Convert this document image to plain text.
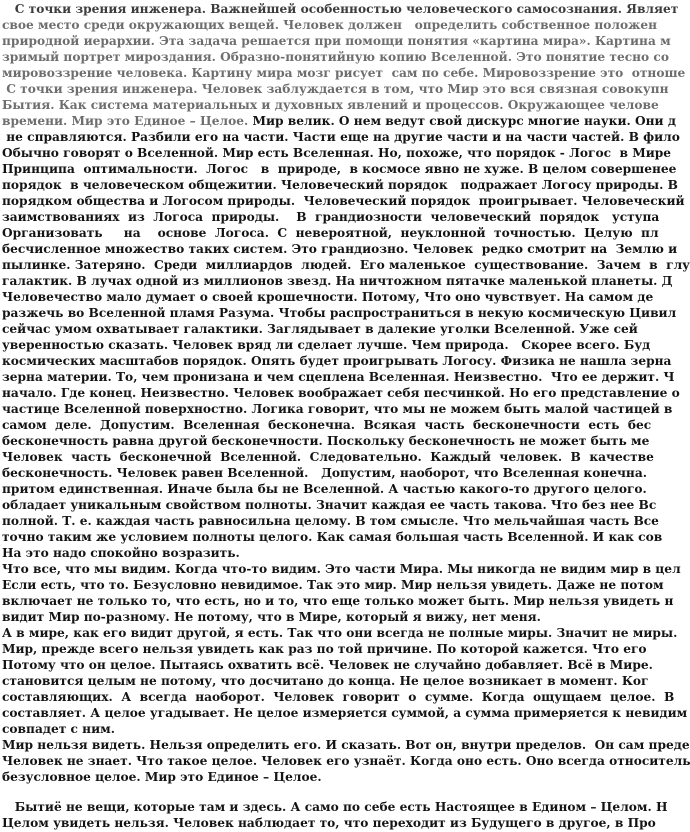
С точки зрения инженера. Важнейшей особенностью человеческого самосознания. Являет
свое место среди окружающих вещей. Человек должен   определить собственное положен
природной иерархии. Эта задача решается при помощи понятия «картина мира». Картина м
зримый портрет мироздания. Образно-понятийную копию Вселенной. Это понятие тесно со
мировоззрение человека. Картину мира мозг рисует  сам по себе. Мировоззрение это  отноше
С точки зрения инженера. Человек заблуждается в том, что Мир это вся связная совокупн
Бытия. Как система материальных и духовных явлений и процессов. Окружающее челове
времени. Мир это Единое – Целое. Мир велик. О нем ведут свой дискурс многие науки. Они д
не справляются. Разбили его на части. Части еще на другие части и на части частей. В фило
Обычно говорят о Вселенной. Мир есть Вселенная. Но, похоже, что порядок - Логос  в Мире
Принципа  оптимальности.  Логос   в  природе,  в космосе явно не хуже. В целом совершенее
порядок  в человеческом общежитии. Человеческий порядок   подражает Логосу природы. В
порядком общества и Логосом природы.  Человеческий порядок  проигрывает. Человеческий
заимствованиях  из  Логоса  природы.    В  грандиозности  человеческий  порядок   уступа
Организовать     на    основе  Логоса.  С  невероятной,  неуклонной  точностью.  Целую  пл
бесчисленное множество таких систем. Это грандиозно. Человек  редко смотрит на  Землю и
пылинке. Затеряно.  Среди  миллиардов  людей.  Его маленькое  существование.  Зачем  в  глу
галактик. В лучах одной из миллионов звезд. На ничтожном пятачке маленькой планеты. Д
Человечество мало думает о своей крошечности. Потому, Что оно чувствует. На самом де
разжечь во Вселенной пламя Разума. Чтобы распространиться в некую космическую Цивил
сейчас умом охватывает галактики. Заглядывает в далекие уголки Вселенной. Уже сей
уверенностью сказать. Человек вряд ли сделает лучше. Чем природа.   Скорее всего. Буд
космических масштабов порядок. Опять будет проигрывать Логосу. Физика не нашла зерна
зерна материи. То, чем пронизана и чем сцеплена Вселенная. Неизвестно.  Что ее держит. Ч
начало. Где конец. Неизвестно. Человек воображает себя песчинкой. Но его представление о
частице Вселенной поверхностно. Логика говорит, что мы не можем быть малой частицей в
самом  деле.  Допустим.  Вселенная  бесконечна.  Всякая  часть  бесконечности  есть  бес
бесконечность равна другой бесконечности. Поскольку бесконечность не может быть ме
Человек  часть  бесконечной  Вселенной.  Следовательно.  Каждый  человек.  В  качестве
бесконечность. Человек равен Вселенной.   Допустим, наоборот, что Вселенная конечна.
притом единственная. Иначе была бы не Вселенной. А частью какого-то другого целого.
обладает уникальным свойством полноты. Значит каждая ее часть такова. Что без нее Вс
полной. Т. е. каждая часть равносильна целому. В том смысле. Что мельчайшая часть Все
точно таким же условием полноты целого. Как самая большая часть Вселенной. И как сов
На это надо спокойно возразить.
Что все, что мы видим. Когда что-то видим. Это части Мира. Мы никогда не видим мир в цел
Если есть, что то. Безусловно невидимое. Так это мир. Мир нельзя увидеть. Даже не потом
включает не только то, что есть, но и то, что еще только может быть. Мир нельзя увидеть н
видит Мир по-разному. Не потому, что в Мире, который я вижу, нет меня.
А в мире, как его видит другой, я есть. Так что они всегда не полные миры. Значит не миры.
Мир, прежде всего нельзя увидеть как раз по той причине. По которой кажется. Что его
Потому что он целое. Пытаясь охватить всё. Человек не случайно добавляет. Всё в Мире.
становится целым не потому, что досчитано до конца. Не целое возникает в момент. Ког
составляющих.  А  всегда  наоборот.  Человек  говорит  о  сумме.  Когда  ощущаем  целое.  В
составляет. А целое угадывает. Не целое измеряется суммой, а сумма примеряется к невидим
совпадет с ним.
Мир нельзя видеть. Нельзя определить его. И сказать. Вот он, внутри пределов.  Он сам преде
Человек не знает. Что такое целое. Человек его узнаёт. Когда оно есть. Оно всегда относитель
безусловное целое. Мир это Единое – Целое.
Бытиё не вещи, которые там и здесь. А само по себе есть Настоящее в Едином – Целом. Н
Целом увидеть нельзя. Человек наблюдает то, что переходит из Будущего в другое, в Про
